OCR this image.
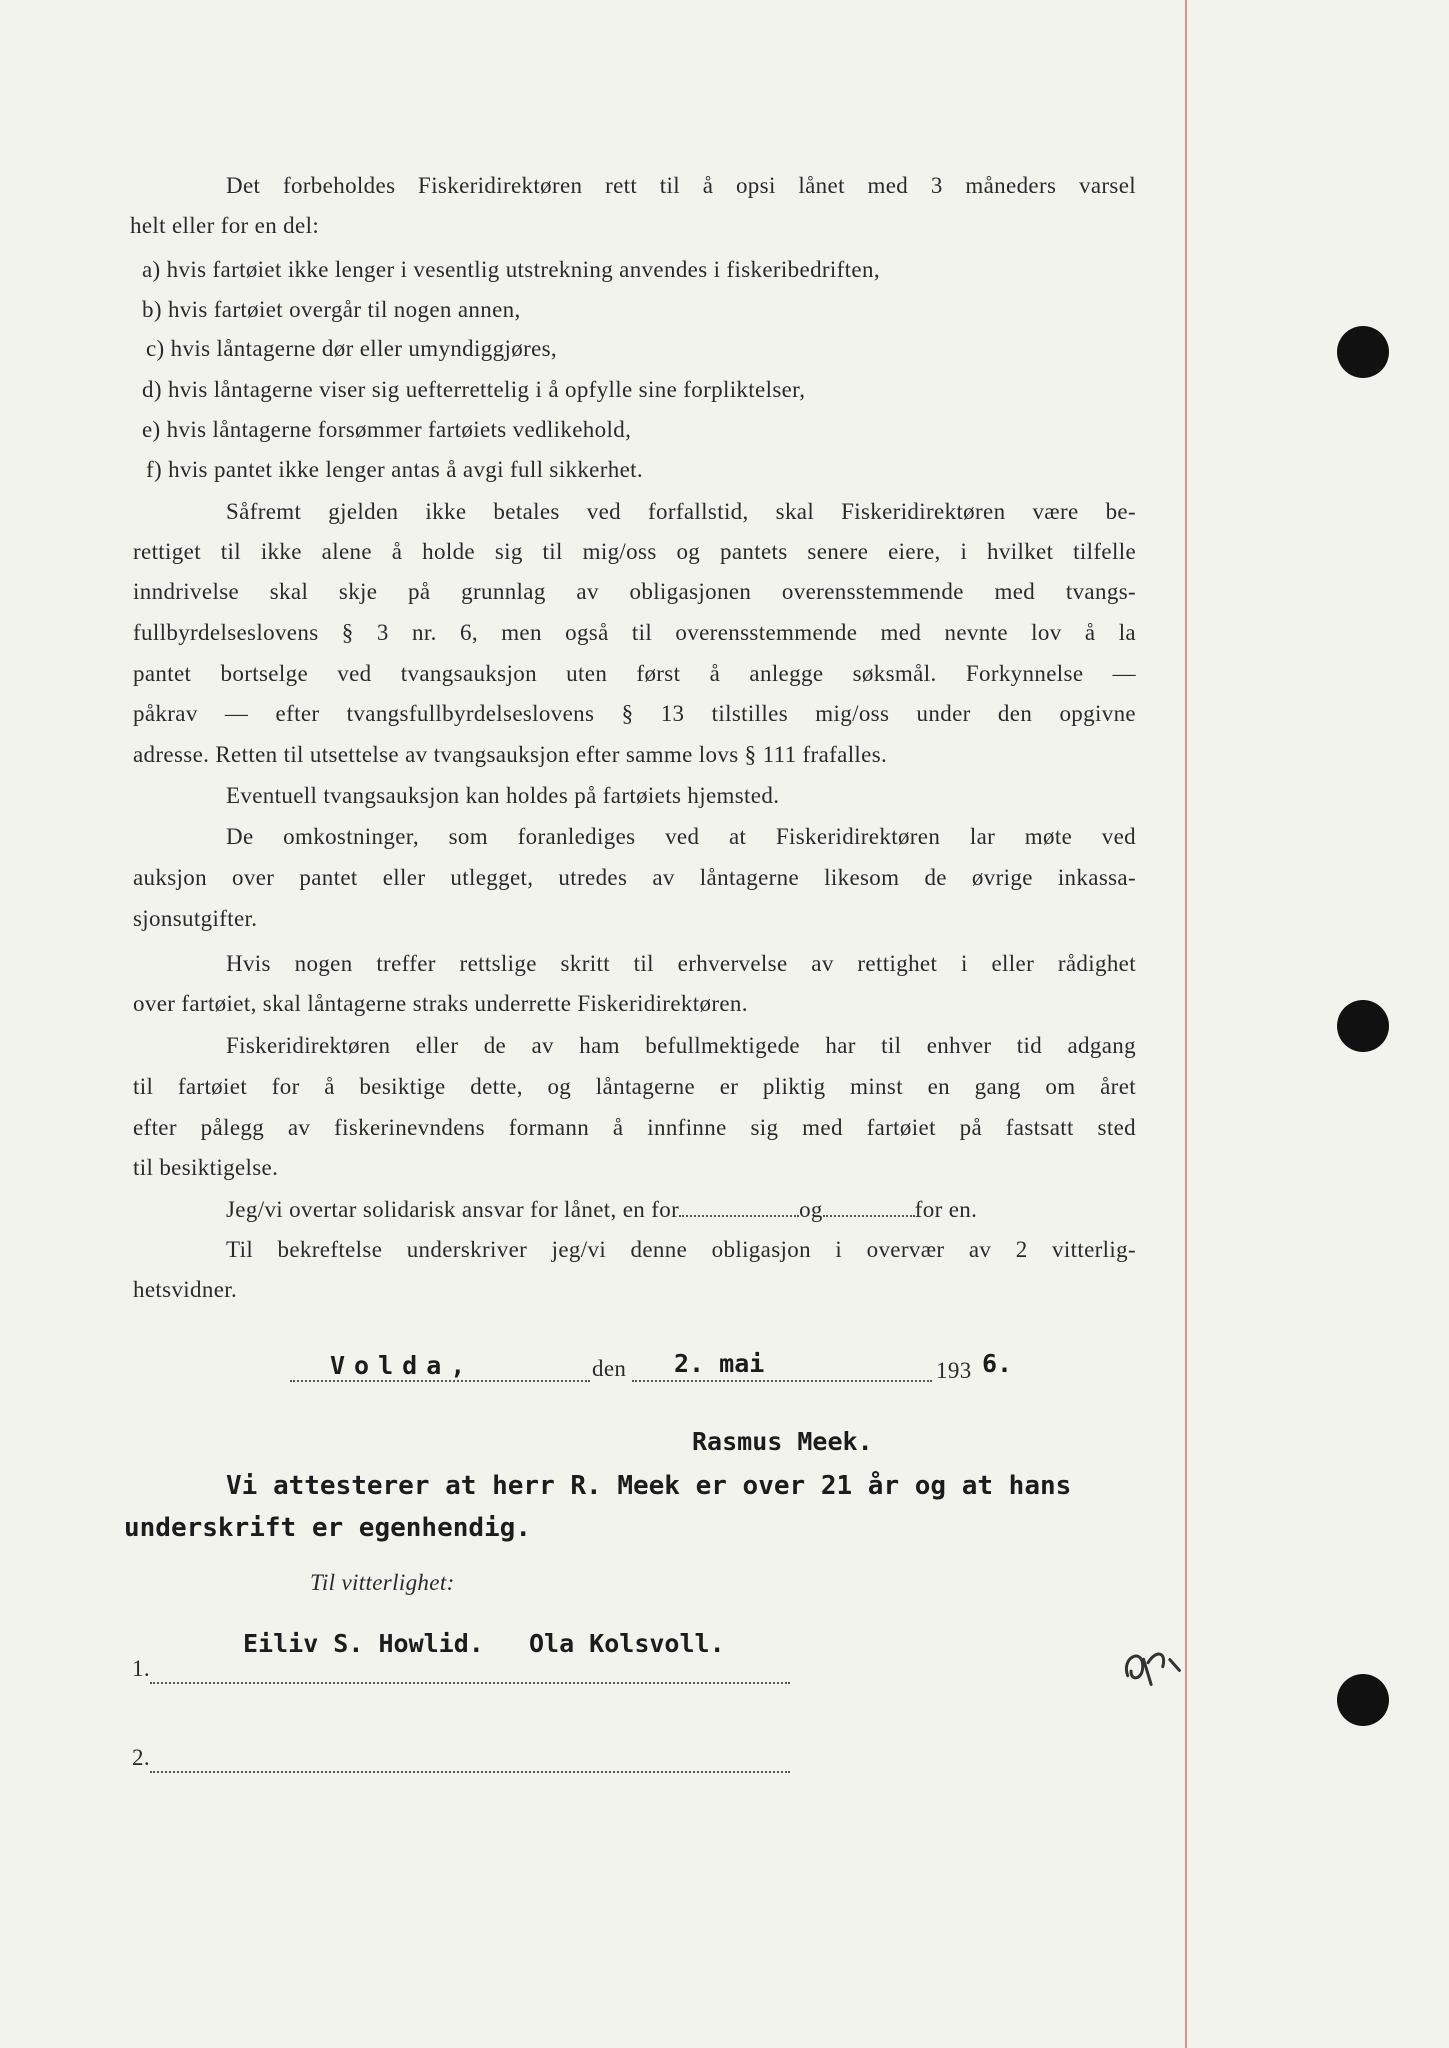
Det forbeholdes Fiskeridirektøren rett til å opsi lånet med 3 måneders varsel
helt eller for en del:
a) hvis fartøiet ikke lenger i vesentlig utstrekning anvendes i fiskeribedriften,
b) hvis fartøiet overgår til nogen annen,
c) hvis låntagerne dør eller umyndiggjøres,
d) hvis låntagerne viser sig uefterrettelig i å opfylle sine forpliktelser,
e) hvis låntagerne forsømmer fartøiets vedlikehold,
f) hvis pantet ikke lenger antas å avgi full sikkerhet.
Såfremt gjelden ikke betales ved forfallstid, skal Fiskeridirektøren være be-
rettiget til ikke alene å holde sig til mig/oss og pantets senere eiere, i hvilket tilfelle
inndrivelse skal skje på grunnlag av obligasjonen overensstemmende med tvangs-
fullbyrdelseslovens § 3 nr. 6, men også til overensstemmende med nevnte lov å la
pantet bortselge ved tvangsauksjon uten først å anlegge søksmål. Forkynnelse —
påkrav — efter tvangsfullbyrdelseslovens § 13 tilstilles mig/oss under den opgivne
adresse. Retten til utsettelse av tvangsauksjon efter samme lovs § 111 frafalles.
Eventuell tvangsauksjon kan holdes på fartøiets hjemsted.
De omkostninger, som foranlediges ved at Fiskeridirektøren lar møte ved
auksjon over pantet eller utlegget, utredes av låntagerne likesom de øvrige inkassa-
sjonsutgifter.
Hvis nogen treffer rettslige skritt til erhvervelse av rettighet i eller rådighet
over fartøiet, skal låntagerne straks underrette Fiskeridirektøren.
Fiskeridirektøren eller de av ham befullmektigede har til enhver tid adgang
til fartøiet for å besiktige dette, og låntagerne er pliktig minst en gang om året
efter pålegg av fiskerinevndens formann å innfinne sig med fartøiet på fastsatt sted
til besiktigelse.
Jeg/vi overtar solidarisk ansvar for lånet, en for	og	for en.
Til bekreftelse underskriver jeg/vi denne obligasjon i overvær av 2 vitterlig-
hetsvidner.
Volda,	den 2. mai	193 6.
Rasmus Meek.
Vi attesterer at herr R. Meek er over 21 år og at hans
underskrift er egenhendig.
Til vitterlighet:
Eiliv S. Howlid.   Ola Kolsvoll.
1.
2.
